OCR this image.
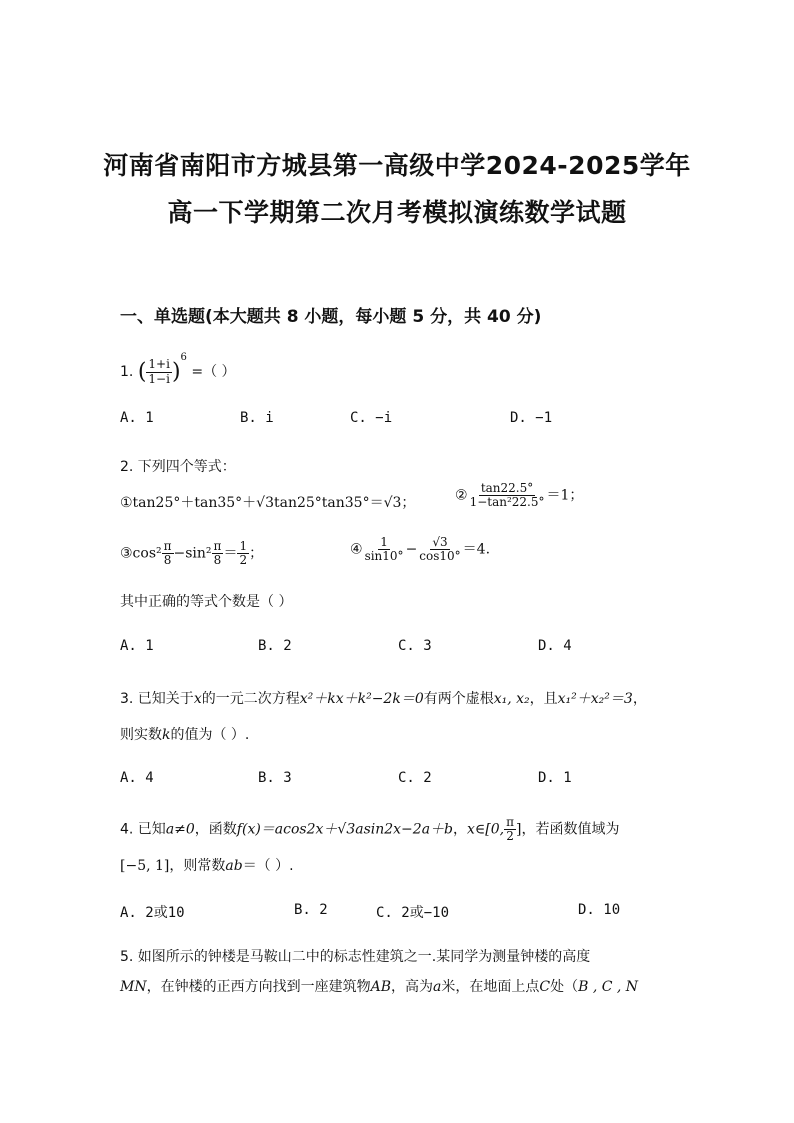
河南省南阳市方城县第一高级中学2024-2025学年
高一下学期第二次月考模拟演练数学试题
一、单选题(本大题共 8 小题，每小题 5 分，共 40 分)
1. ( $\frac{1+i}{1-i} )^6$ =（ ）
A. 1	B. i	C. −i	D. −1
2. 下列四个等式：
①tan25°＋tan35°＋√3tan25°tan35°＝√3；	② $\frac{\tan 22.5^\circ}{\text{1−tan²22.5°}} =1$；
③cos² $\frac{\pi}{8} -\sin^2 \frac{\pi}{8} = \frac{1}{2}$ ；	④ $\frac{1}{\sin 10^\circ} - \frac{√3}{\cos 10^\circ} =4$.
其中正确的等式个数是（ ）
A. 1	B. 2	C. 3	D. 4
3. 已知关于x的一元二次方程x²＋kx＋k²−2k＝0有两个虚根x₁, x₂，且x₁²＋x₂²＝3，
则实数k的值为（ ）.
A. 4	B. 3	C. 2	D. 1
4. 已知a≠0，函数f(x)＝acos2x＋√3asin2x−2a＋b，x∈[0, $\frac{\pi}{2}$ ]，若函数值域为
[−5, 1]，则常数ab＝（ ）.
A. 2或10	B. 2	C. 2或−10	D. 10
5. 如图所示的钟楼是马鞍山二中的标志性建筑之一.某同学为测量钟楼的高度
MN，在钟楼的正西方向找到一座建筑物AB，高为a米，在地面上点C处（B , C , N
